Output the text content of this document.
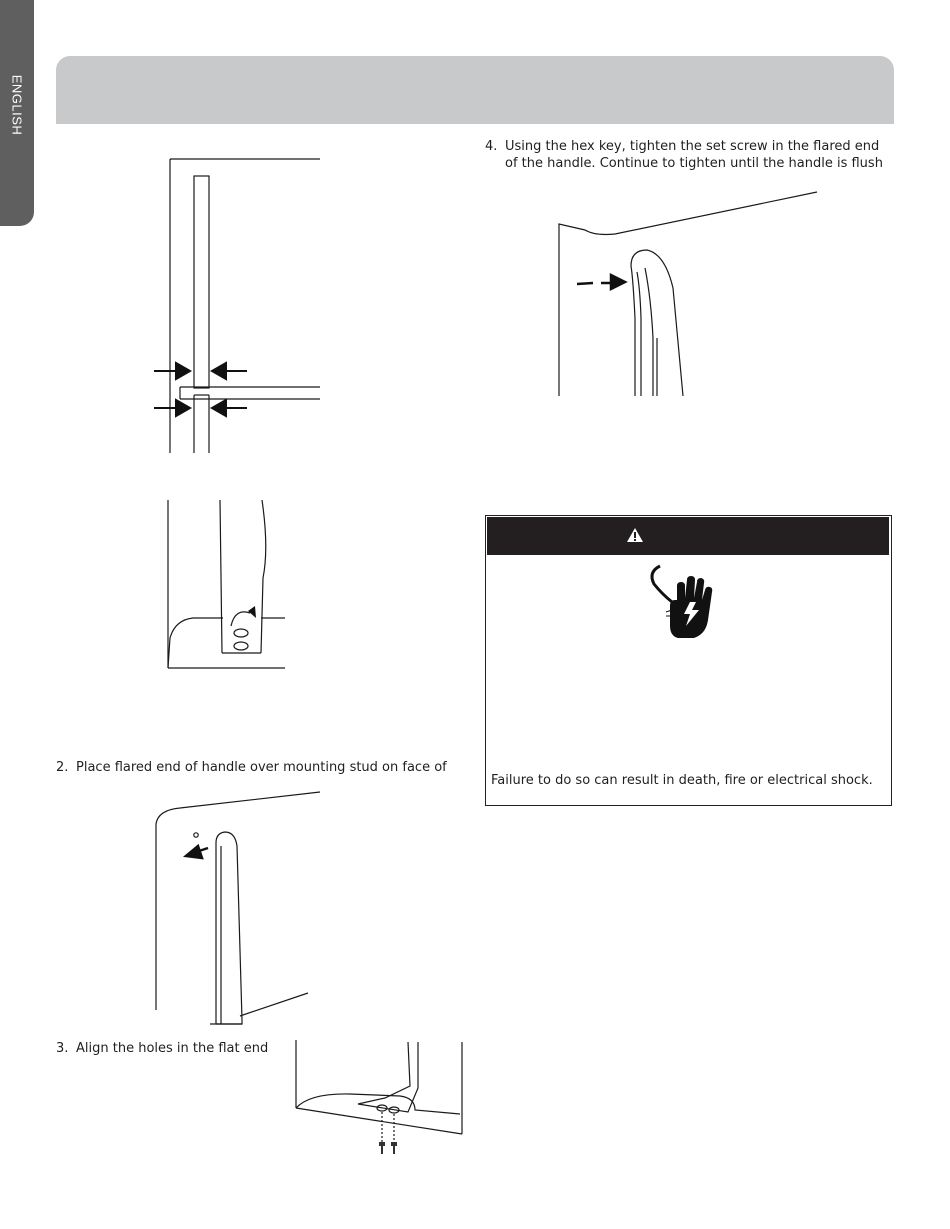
ENGLISH
2. Place flared end of handle over mounting stud on face of
3. Align the holes in the flat end
4. Using the hex key, tighten the set screw in the flared end of the handle. Continue to tighten until the handle is flush
Failure to do so can result in death, fire or electrical shock.
